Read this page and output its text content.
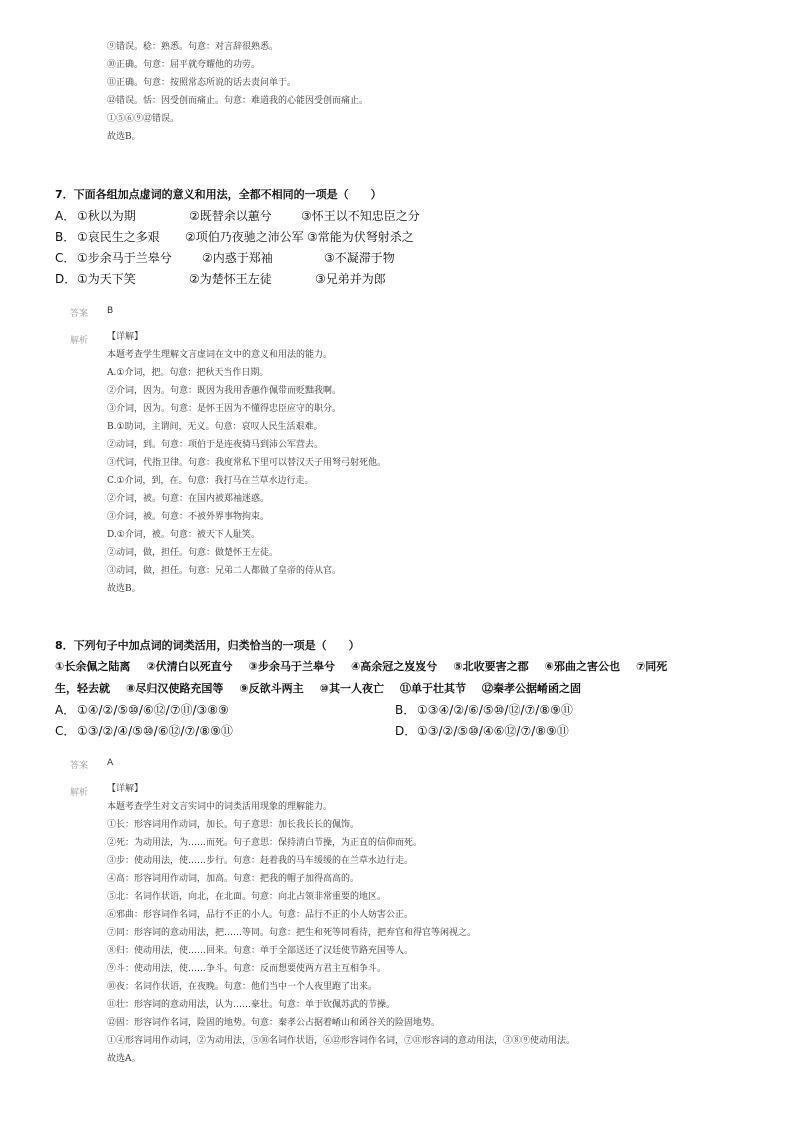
⑨错误。稔：熟悉。句意：对言辞很熟悉。
⑩正确。句意：屈平就夸耀他的功劳。
⑪正确。句意：按照常态所说的话去责问单于。
⑫错误。恬：因受创而痛止。句意：难道我的心能因受创而痛止。
①⑤⑥⑨⑫错误。
故选B。
7．下面各组加点虚词的意义和用法，全都不相同的一项是（　　）
A． ①秋以为期	②既替余以蕙兮 ③怀王以不知忠臣之分
B． ①哀民生之多艰 ②项伯乃夜驰之沛公军 ③常能为伏弩射杀之
C． ①步余马于兰皋兮	②内惑于郑袖	③不凝滞于物
D．①为天下笑	②为楚怀王左徒	③兄弟并为郎
答案 B
解析 【详解】
本题考查学生理解文言虚词在文中的意义和用法的能力。
A.①介词，把。句意：把秋天当作日期。
②介词，因为。句意：既因为我用香蕙作佩带而贬黜我啊。
③介词，因为。句意：是怀王因为不懂得忠臣应守的职分。
B.①助词，主谓间，无义。句意：哀叹人民生活艰难。
②动词，到。句意：项伯于是连夜骑马到沛公军营去。
③代词，代指卫律。句意：我度常私下里可以替汉天子用弩弓射死他。
C.①介词，到，在。句意：我打马在兰草水边行走。
②介词，被。句意：在国内被郑袖迷惑。
③介词，被。句意：不被外界事物拘束。
D.①介词，被。句意：被天下人耻笑。
②动词，做，担任。句意：做楚怀王左徒。
③动词，做，担任。句意：兄弟二人都做了皇帝的侍从官。
故选B。
8．下列句子中加点词的词类活用，归类恰当的一项是（　　）
①长余佩之陆离 ②伏清白以死直兮 ③步余马于兰皋兮 ④高余冠之岌岌兮 ⑤北收要害之郡 ⑥邪曲之害公也 ⑦同死
生，轻去就 ⑧尽归汉使路充国等 ⑨反欲斗两主 ⑩其一人夜亡 ⑪单于壮其节 ⑫秦孝公据崤函之固
A． ①④/②/⑤⑩/⑥⑫/⑦⑪/③⑧⑨	B． ①③④/②/⑥/⑤⑩/⑫/⑦/⑧⑨⑪
C． ①③/②/④/⑤⑩/⑥⑫/⑦/⑧⑨⑪	D．①③/②/⑤⑩/④⑥⑫/⑦/⑧⑨⑪
答案 A
解析 【详解】
本题考查学生对文言实词中的词类活用现象的理解能力。
①长：形容词用作动词，加长。句子意思：加长我长长的佩饰。
②死：为动用法，为……而死。句子意思：保持清白节操，为正直的信仰而死。
③步：使动用法，使……步行。句意：赶着我的马车缓缓的在兰草水边行走。
④高：形容词用作动词，加高。句意：把我的帽子加得高高的。
⑤北：名词作状语，向北，在北面。句意：向北占领非常重要的地区。
⑥邪曲：形容词作名词，品行不正的小人。句意：品行不正的小人妨害公正。
⑦同：形容词的意动用法，把……等同。句意：把生和死等同看待，把弃官和得官等闲视之。
⑧归：使动用法，使……回来。句意：单于全部送还了汉廷使节路充国等人。
⑨斗：使动用法，使……争斗。句意：反而想要使两方君主互相争斗。
⑩夜：名词作状语，在夜晚。句意：他们当中一个人夜里跑了出来。
⑪壮：形容词的意动用法，认为……豪壮。句意：单于钦佩苏武的节操。
⑫固：形容词作名词，险固的地势。句意：秦孝公占据着崤山和函谷关的险固地势。
①④形容词用作动词，②为动用法，⑤⑩名词作状语，⑥⑫形容词作名词，⑦⑪形容词的意动用法，③⑧⑨使动用法。
故选A。
